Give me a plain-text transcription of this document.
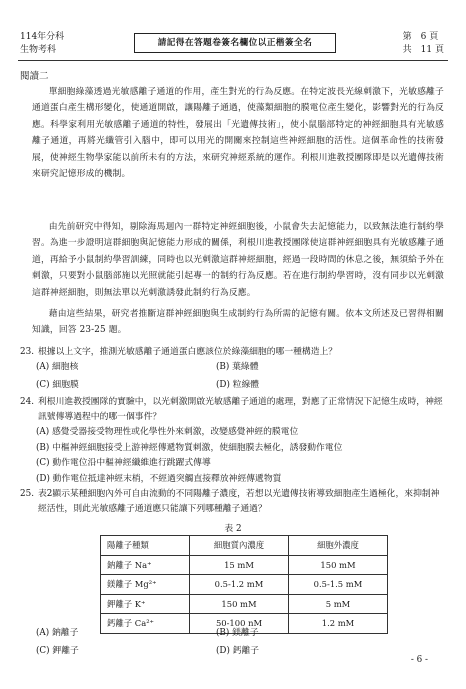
114年分科
生物考科
請記得在答題卷簽名欄位以正楷簽全名
第　6 頁
共　11 頁
閱讀二
單細胞綠藻透過光敏感離子通道的作用，產生對光的行為反應。在特定波長光線刺激下，光敏感離子通道蛋白產生構形變化，使通道開啟，讓陽離子通過，使藻類細胞的膜電位產生變化，影響對光的行為反應。科學家利用光敏感離子通道的特性，發展出「光遺傳技術」，使小鼠腦部特定的神經細胞具有光敏感離子通道，再將光纖管引入腦中，即可以用光的開關來控制這些神經細胞的活性。這個革命性的技術發展，使神經生物學家能以前所未有的方法，來研究神經系統的運作。利根川進教授團隊即是以光遺傳技術來研究記憶形成的機制。
由先前研究中得知，剔除海馬迴內一群特定神經細胞後，小鼠會失去記憶能力，以致無法進行制約學習。為進一步證明這群細胞與記憶能力形成的關係，利根川進教授團隊使這群神經細胞具有光敏感離子通道，再給予小鼠制約學習訓練，同時也以光刺激這群神經細胞，經過一段時間的休息之後，無須給予外在刺激，只要對小鼠腦部施以光照就能引起專一的制約行為反應。若在進行制約學習時，沒有同步以光刺激這群神經細胞，則無法單以光刺激誘發此制約行為反應。
藉由這些結果，研究者推斷這群神經細胞與生成制約行為所需的記憶有關。依本文所述及已習得相關知識，回答 23-25 題。
23. 根據以上文字，推測光敏感離子通道蛋白應該位於綠藻細胞的哪一種構造上？
(A) 細胞核	(B) 葉綠體
(C) 細胞膜	(D) 粒線體
24. 利根川進教授團隊的實驗中，以光刺激開啟光敏感離子通道的處理，對應了正常情況下記憶生成時，神經訊號傳導過程中的哪一個事件？
(A) 感覺受器接受物理性或化學性外來刺激，改變感覺神經的膜電位
(B) 中樞神經細胞接受上游神經傳遞物質刺激，使細胞膜去極化，誘發動作電位
(C) 動作電位沿中樞神經纖維進行跳躍式傳導
(D) 動作電位抵達神經末梢，不經過突觸直接釋放神經傳遞物質
25. 表2顯示某種細胞內外可自由流動的不同陽離子濃度，若想以光遺傳技術導致細胞產生過極化，來抑制神經活性，則此光敏感離子通道應只能讓下列哪種離子通過？
表 2
陽離子種類	細胞質內濃度	細胞外濃度
鈉離子 Na⁺	15 mM	150 mM
鎂離子 Mg²⁺	0.5-1.2 mM	0.5-1.5 mM
鉀離子 K⁺	150 mM	5 mM
鈣離子 Ca²⁺	50-100 nM	1.2 mM
(A) 鈉離子	(B) 鎂離子
(C) 鉀離子	(D) 鈣離子
- 6 -
